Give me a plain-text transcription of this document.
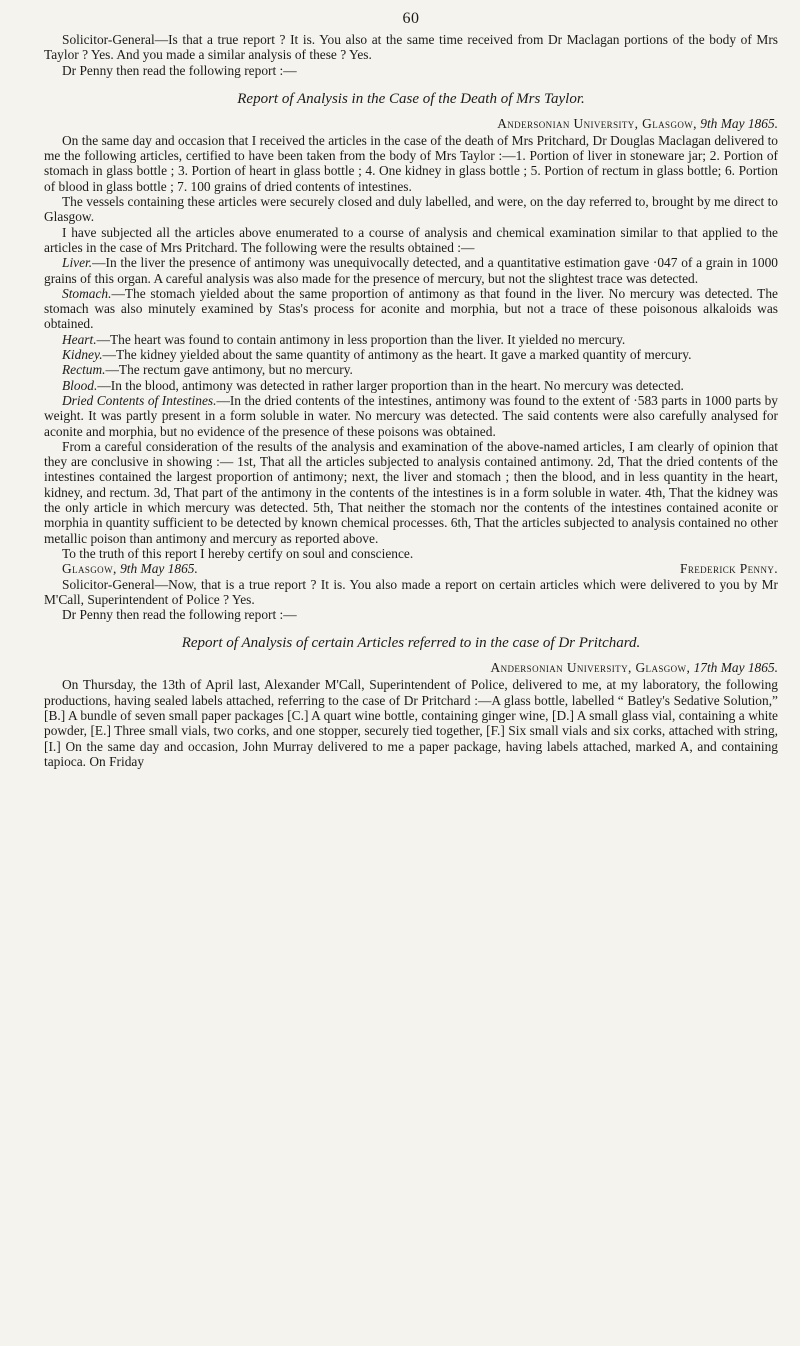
60

Solicitor-General—Is that a true report ? It is. You also at the same time received from Dr Maclagan portions of the body of Mrs Taylor ? Yes. And you made a similar analysis of these ? Yes.

Dr Penny then read the following report :—

Report of Analysis in the Case of the Death of Mrs Taylor.
Andersonian University, Glasgow, 9th May 1865.

On the same day and occasion that I received the articles in the case of the death of Mrs Pritchard, Dr Douglas Maclagan delivered to me the following articles, certified to have been taken from the body of Mrs Taylor :—1. Portion of liver in stoneware jar; 2. Portion of stomach in glass bottle ; 3. Portion of heart in glass bottle ; 4. One kidney in glass bottle ; 5. Portion of rectum in glass bottle; 6. Portion of blood in glass bottle ; 7. 100 grains of dried contents of intestines.

The vessels containing these articles were securely closed and duly labelled, and were, on the day referred to, brought by me direct to Glasgow.

I have subjected all the articles above enumerated to a course of analysis and chemical examination similar to that applied to the articles in the case of Mrs Pritchard. The following were the results obtained :—

Liver.—In the liver the presence of antimony was unequivocally detected, and a quantitative estimation gave ·047 of a grain in 1000 grains of this organ. A careful analysis was also made for the presence of mercury, but not the slightest trace was detected.

Stomach.—The stomach yielded about the same proportion of antimony as that found in the liver. No mercury was detected. The stomach was also minutely examined by Stas's process for aconite and morphia, but not a trace of these poisonous alkaloids was obtained.

Heart.—The heart was found to contain antimony in less proportion than the liver. It yielded no mercury.

Kidney.—The kidney yielded about the same quantity of antimony as the heart. It gave a marked quantity of mercury.

Rectum.—The rectum gave antimony, but no mercury.

Blood.—In the blood, antimony was detected in rather larger proportion than in the heart. No mercury was detected.

Dried Contents of Intestines.—In the dried contents of the intestines, antimony was found to the extent of ·583 parts in 1000 parts by weight. It was partly present in a form soluble in water. No mercury was detected. The said contents were also carefully analysed for aconite and morphia, but no evidence of the presence of these poisons was obtained.

From a careful consideration of the results of the analysis and examination of the above-named articles, I am clearly of opinion that they are conclusive in showing :— 1st, That all the articles subjected to analysis contained antimony. 2d, That the dried contents of the intestines contained the largest proportion of antimony; next, the liver and stomach ; then the blood, and in less quantity in the heart, kidney, and rectum. 3d, That part of the antimony in the contents of the intestines is in a form soluble in water. 4th, That the kidney was the only article in which mercury was detected. 5th, That neither the stomach nor the contents of the intestines contained aconite or morphia in quantity sufficient to be detected by known chemical processes. 6th, That the articles subjected to analysis contained no other metallic poison than antimony and mercury as reported above.

To the truth of this report I hereby certify on soul and conscience.

Glasgow, 9th May 1865.	Frederick Penny.

Solicitor-General—Now, that is a true report ? It is. You also made a report on certain articles which were delivered to you by Mr M'Call, Superintendent of Police ? Yes.

Dr Penny then read the following report :—

Report of Analysis of certain Articles referred to in the case of Dr Pritchard.
Andersonian University, Glasgow, 17th May 1865.

On Thursday, the 13th of April last, Alexander M'Call, Superintendent of Police, delivered to me, at my laboratory, the following productions, having sealed labels attached, referring to the case of Dr Pritchard :—A glass bottle, labelled “ Batley's Sedative Solution,” [B.] A bundle of seven small paper packages [C.] A quart wine bottle, containing ginger wine, [D.] A small glass vial, containing a white powder, [E.] Three small vials, two corks, and one stopper, securely tied together, [F.] Six small vials and six corks, attached with string, [I.] On the same day and occasion, John Murray delivered to me a paper package, having labels attached, marked A, and containing tapioca. On Friday
